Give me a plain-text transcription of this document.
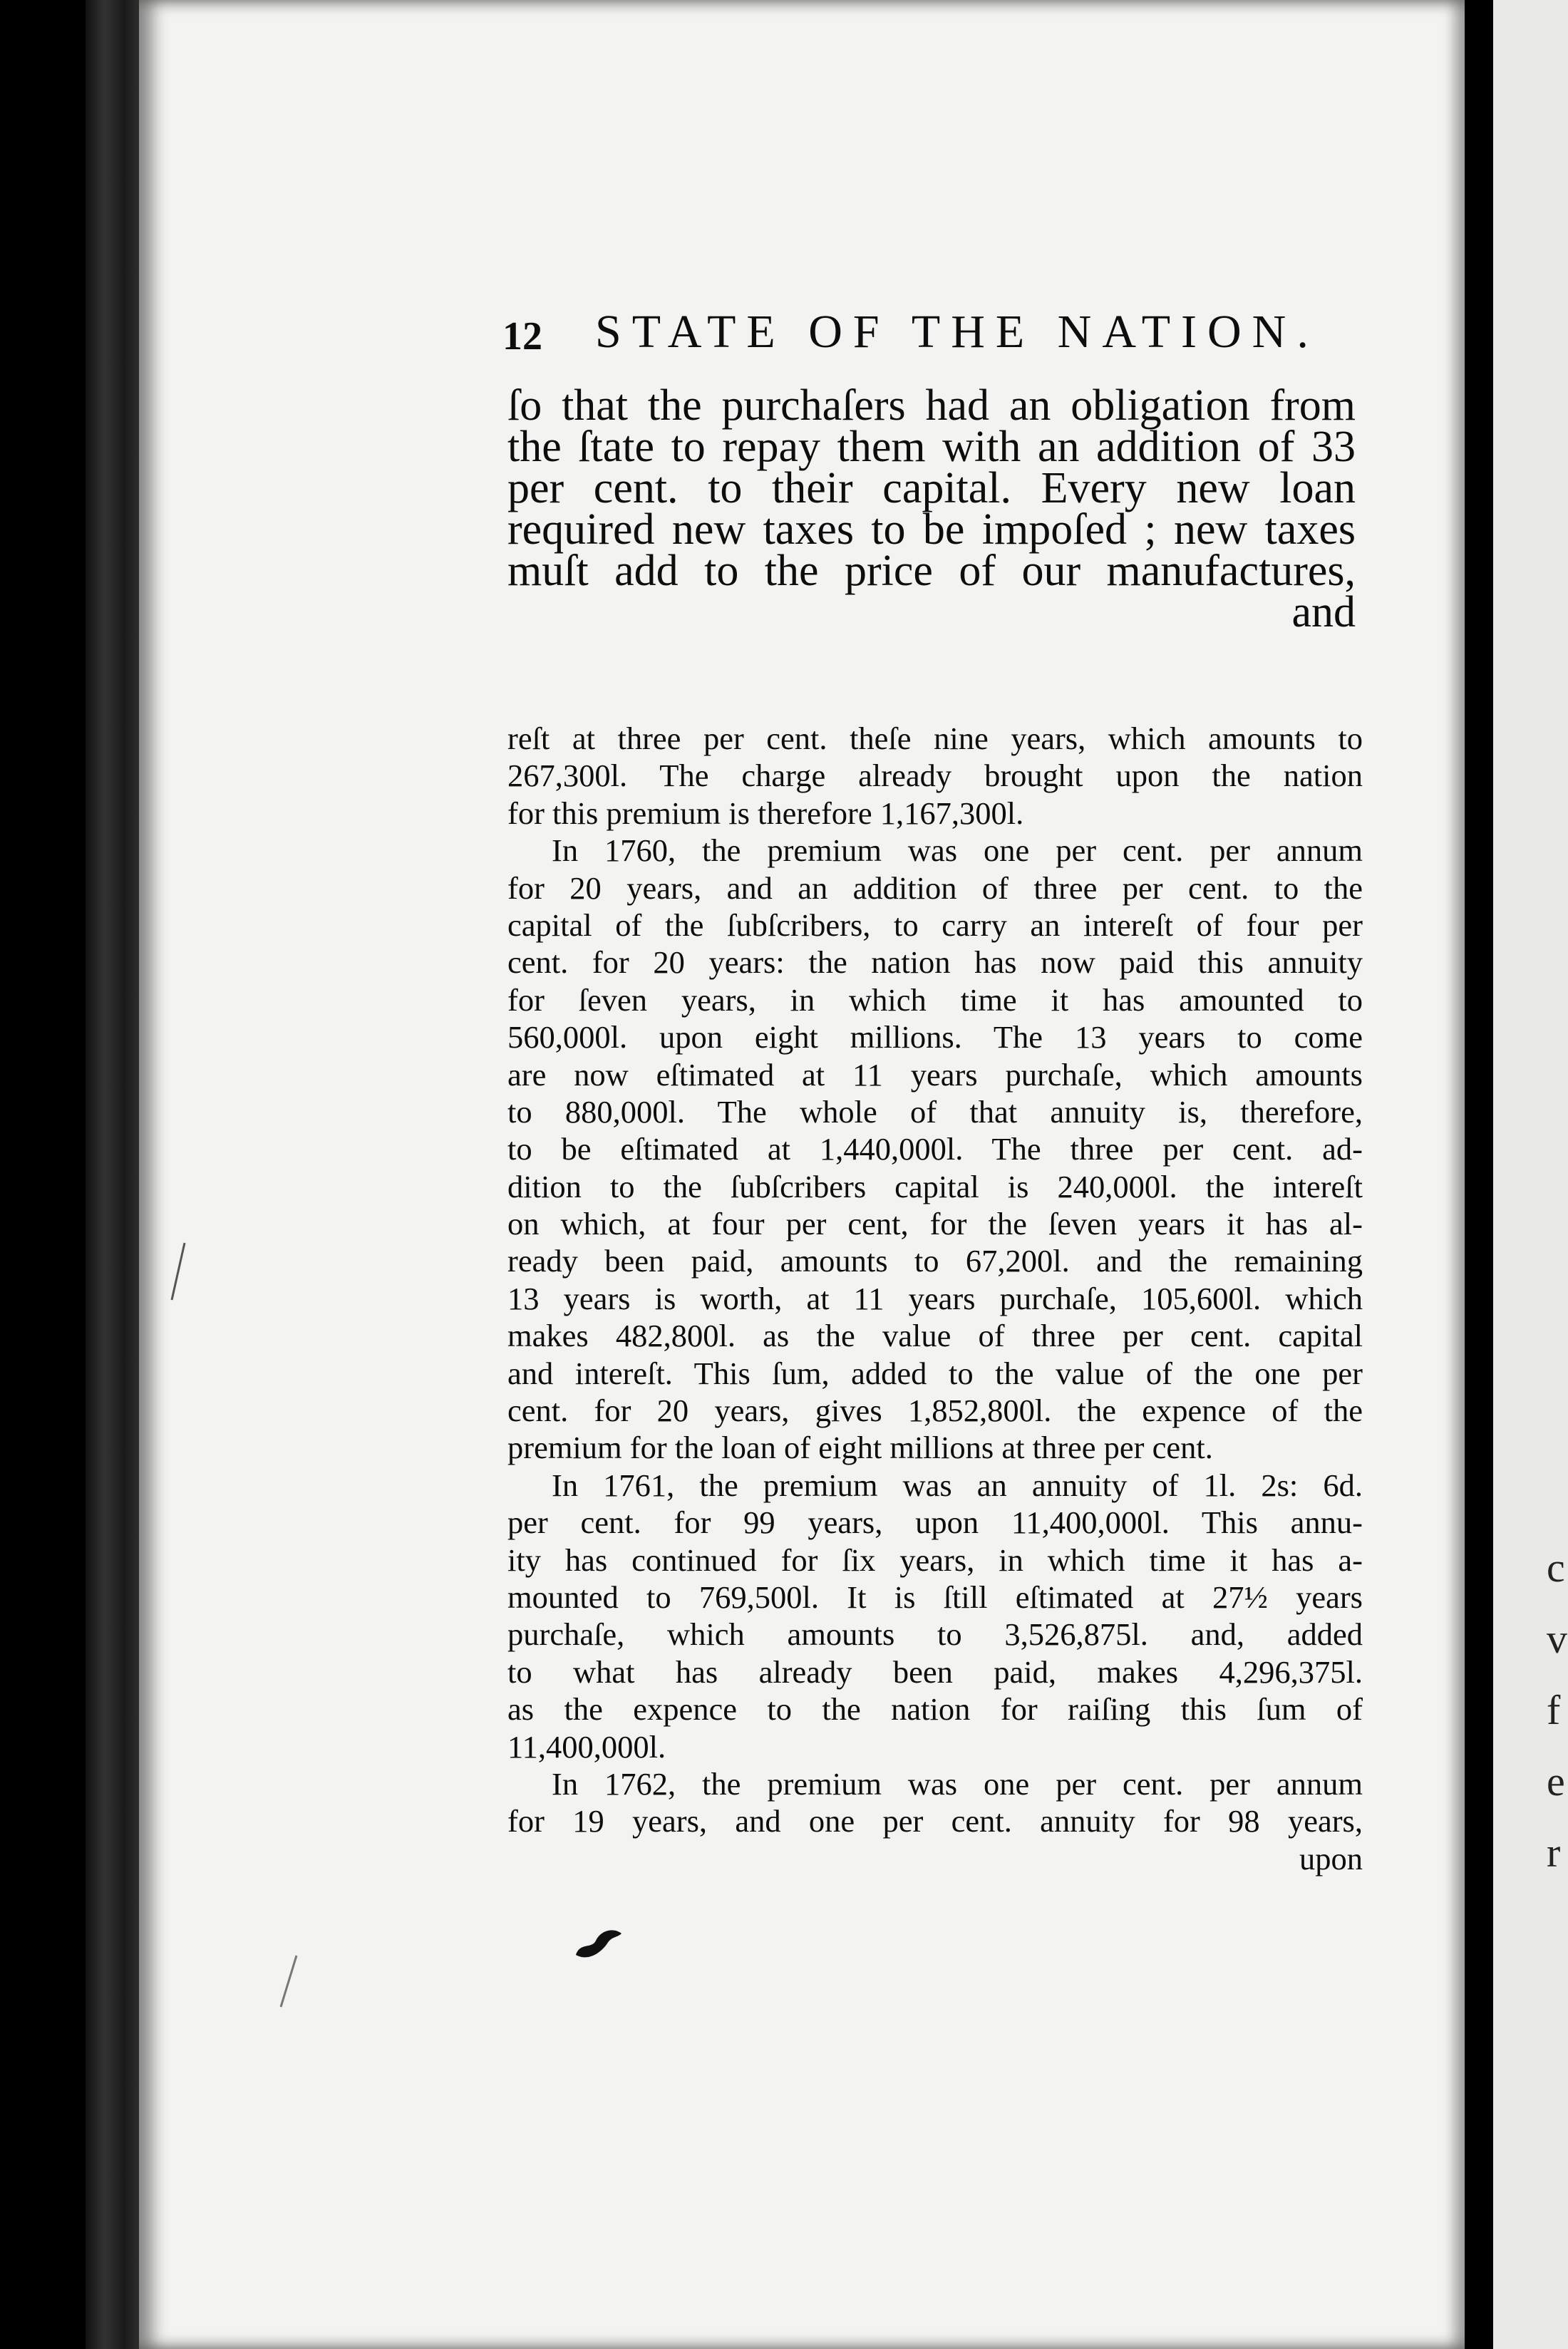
c
v
f
e
r
12 STATE OF THE NATION.
ſo that the purchaſers had an obligation from
the ſtate to repay them with an addition of 33
per cent. to their capital. Every new loan
required new taxes to be impoſed ; new taxes
muſt add to the price of our manufactures,
and
reſt at three per cent. theſe nine years, which amounts to
267,300l. The charge already brought upon the nation
for this premium is therefore 1,167,300l.
In 1760, the premium was one per cent. per annum
for 20 years, and an addition of three per cent. to the
capital of the ſubſcribers, to carry an intereſt of four per
cent. for 20 years: the nation has now paid this annuity
for ſeven years, in which time it has amounted to
560,000l. upon eight millions. The 13 years to come
are now eſtimated at 11 years purchaſe, which amounts
to 880,000l. The whole of that annuity is, therefore,
to be eſtimated at 1,440,000l. The three per cent. ad-
dition to the ſubſcribers capital is 240,000l. the intereſt
on which, at four per cent, for the ſeven years it has al-
ready been paid, amounts to 67,200l. and the remaining
13 years is worth, at 11 years purchaſe, 105,600l. which
makes 482,800l. as the value of three per cent. capital
and intereſt. This ſum, added to the value of the one per
cent. for 20 years, gives 1,852,800l. the expence of the
premium for the loan of eight millions at three per cent.
In 1761, the premium was an annuity of 1l. 2s: 6d.
per cent. for 99 years, upon 11,400,000l. This annu-
ity has continued for ſix years, in which time it has a-
mounted to 769,500l. It is ſtill eſtimated at 27½ years
purchaſe, which amounts to 3,526,875l. and, added
to what has already been paid, makes 4,296,375l.
as the expence to the nation for raiſing this ſum of
11,400,000l.
In 1762, the premium was one per cent. per annum
for 19 years, and one per cent. annuity for 98 years,
upon
